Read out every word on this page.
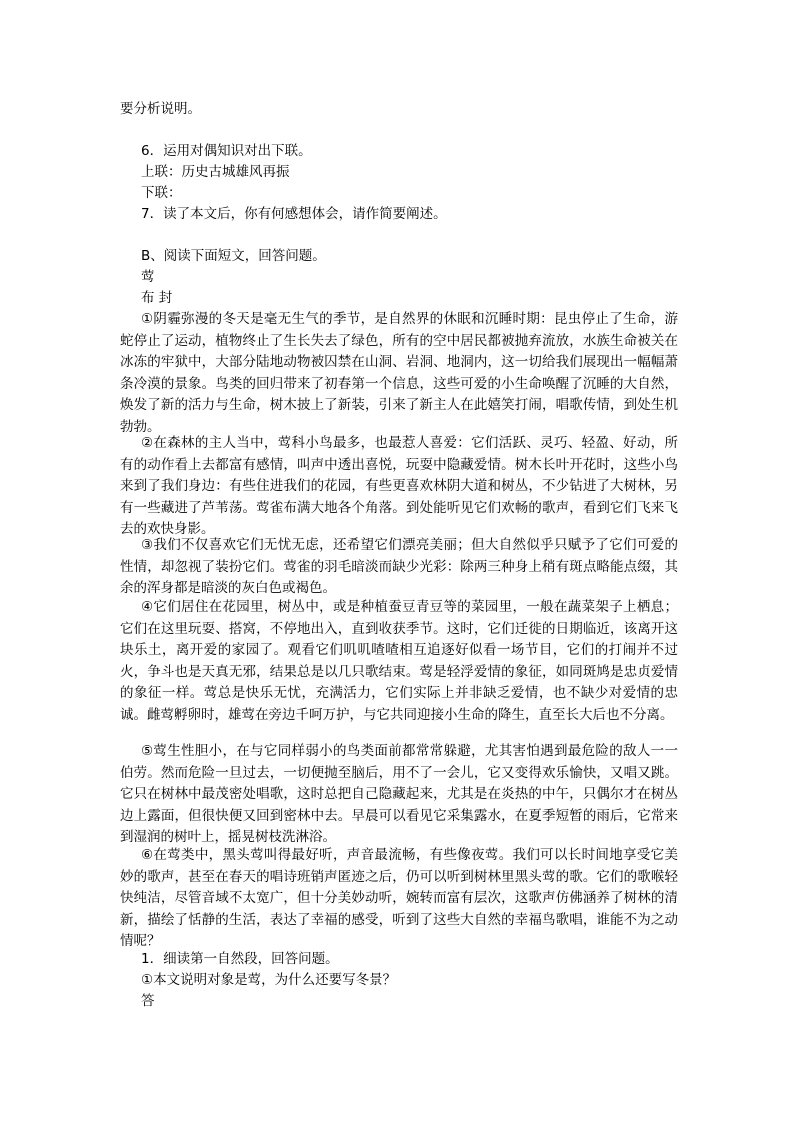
要分析说明。
6．运用对偶知识对出下联。
上联：历史古城雄风再振
下联：
7．读了本文后，你有何感想体会，请作简要阐述。
B、阅读下面短文，回答问题。
莺
布 封
①阴霾弥漫的冬天是毫无生气的季节，是自然界的休眠和沉睡时期：昆虫停止了生命，游蛇停止了运动，植物终止了生长失去了绿色，所有的空中居民都被抛弃流放，水族生命被关在冰冻的牢狱中，大部分陆地动物被囚禁在山洞、岩洞、地洞内，这一切给我们展现出一幅幅萧条冷漠的景象。鸟类的回归带来了初春第一个信息，这些可爱的小生命唤醒了沉睡的大自然，焕发了新的活力与生命，树木披上了新装，引来了新主人在此嬉笑打闹，唱歌传情，到处生机勃勃。
②在森林的主人当中，莺科小鸟最多，也最惹人喜爱：它们活跃、灵巧、轻盈、好动，所有的动作看上去都富有感情，叫声中透出喜悦，玩耍中隐藏爱情。树木长叶开花时，这些小鸟来到了我们身边：有些住进我们的花园，有些更喜欢林阴大道和树丛，不少钻进了大树林，另有一些藏进了芦苇荡。莺雀布满大地各个角落。到处能听见它们欢畅的歌声，看到它们飞来飞去的欢快身影。
③我们不仅喜欢它们无忧无虑，还希望它们漂亮美丽；但大自然似乎只赋予了它们可爱的性情，却忽视了装扮它们。莺雀的羽毛暗淡而缺少光彩：除两三种身上稍有斑点略能点缀，其余的浑身都是暗淡的灰白色或褐色。
④它们居住在花园里，树丛中，或是种植蚕豆青豆等的菜园里，一般在蔬菜架子上栖息；它们在这里玩耍、搭窝，不停地出入，直到收获季节。这时，它们迁徙的日期临近，该离开这块乐土，离开爱的家园了。观看它们叽叽喳喳相互追逐好似看一场节目，它们的打闹并不过火，争斗也是天真无邪，结果总是以几只歌结束。莺是轻浮爱情的象征，如同斑鸠是忠贞爱情的象征一样。莺总是快乐无忧，充满活力，它们实际上并非缺乏爱情，也不缺少对爱情的忠诚。雌莺孵卵时，雄莺在旁边千呵万护，与它共同迎接小生命的降生，直至长大后也不分离。
⑤莺生性胆小，在与它同样弱小的鸟类面前都常常躲避，尤其害怕遇到最危险的敌人一一伯劳。然而危险一旦过去，一切便抛至脑后，用不了一会儿，它又变得欢乐愉快，又唱又跳。它只在树林中最茂密处唱歌，这时总把自己隐藏起来，尤其是在炎热的中午，只偶尔才在树丛边上露面，但很快便又回到密林中去。早晨可以看见它采集露水，在夏季短暂的雨后，它常来到湿润的树叶上，摇晃树枝洗淋浴。
⑥在莺类中，黑头莺叫得最好听，声音最流畅，有些像夜莺。我们可以长时间地享受它美妙的歌声，甚至在春天的唱诗班销声匿迹之后，仍可以听到树林里黑头莺的歌。它们的歌喉轻快纯洁，尽管音域不太宽广，但十分美妙动听，婉转而富有层次，这歌声仿佛涵养了树林的清新，描绘了恬静的生活，表达了幸福的感受，听到了这些大自然的幸福鸟歌唱，谁能不为之动情呢？
1．细读第一自然段，回答问题。
①本文说明对象是莺，为什么还要写冬景？
答
